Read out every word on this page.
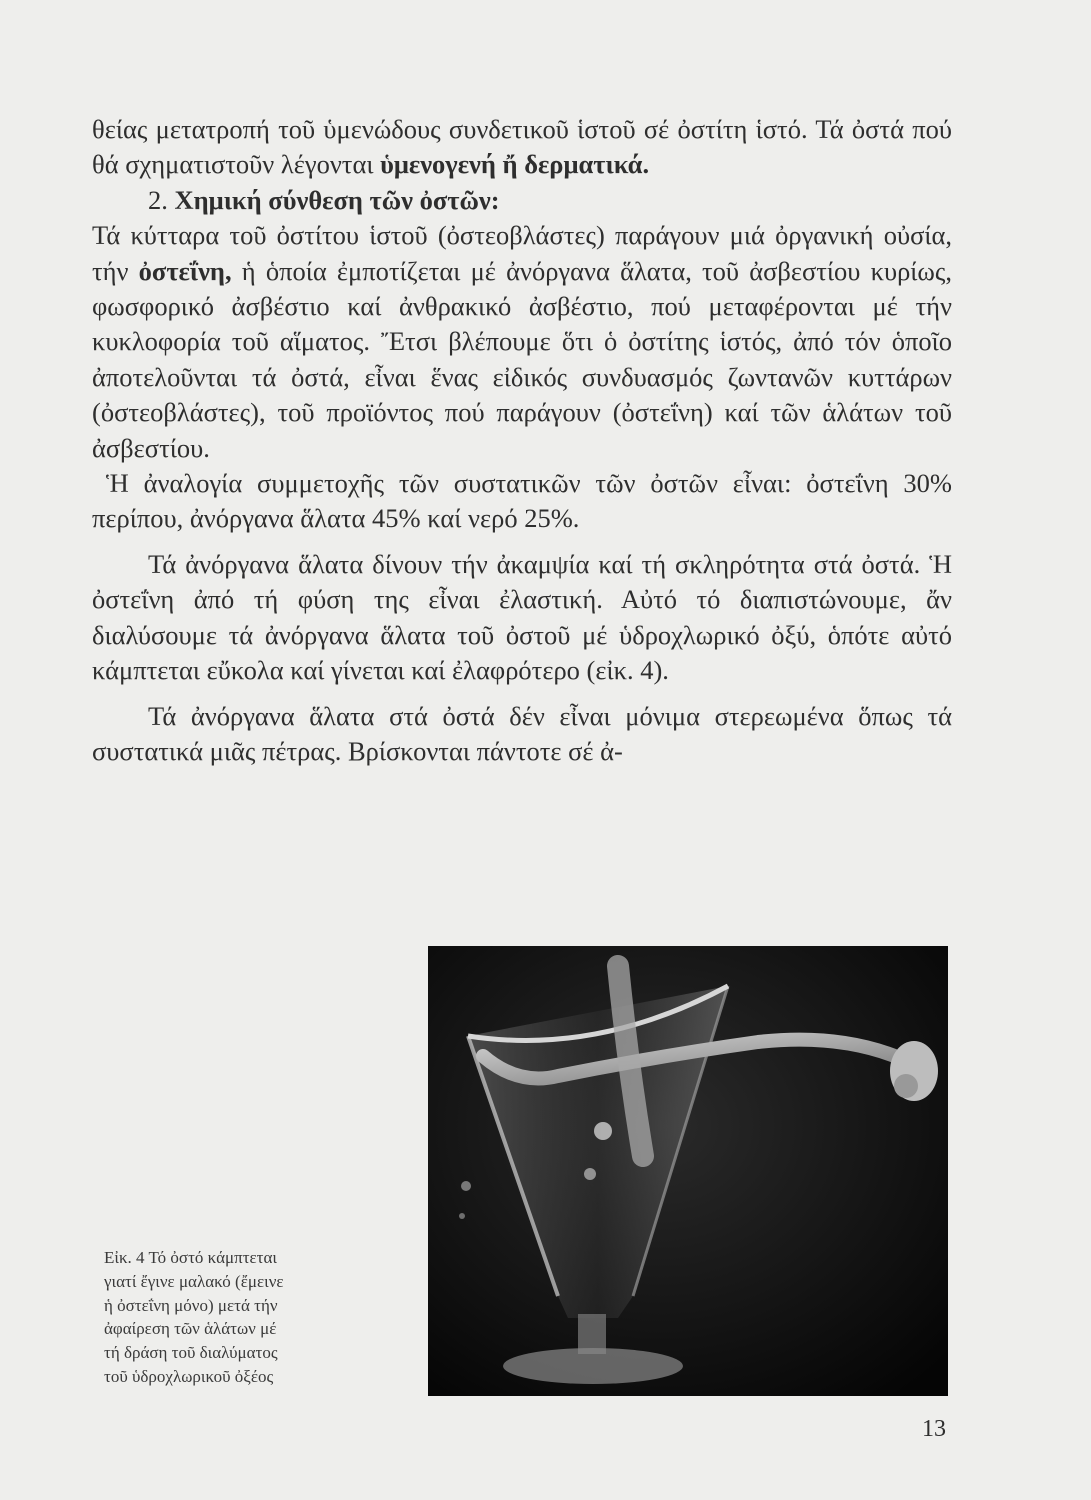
θείας μετατροπή τοῦ ὑμενώδους συνδετικοῦ ἱστοῦ σέ ὀστίτη ἱστό. Τά ὀστά πού θά σχηματιστοῦν λέγονται ὑμενογενή ἤ δερματικά.

2. Χημική σύνθεση τῶν ὀστῶν:

Τά κύτταρα τοῦ ὀστίτου ἱστοῦ (ὀστεοβλάστες) παράγουν μιά ὀργανική οὐσία, τήν ὀστεΐνη, ἡ ὁποία ἐμποτίζεται μέ ἀνόργανα ἅλατα, τοῦ ἀσβεστίου κυρίως, φωσφορικό ἀσβέστιο καί ἀνθρακικό ἀσβέστιο, πού μεταφέρονται μέ τήν κυκλοφορία τοῦ αἵματος. Ἔτσι βλέπουμε ὅτι ὁ ὀστίτης ἱστός, ἀπό τόν ὁποῖο ἀποτελοῦνται τά ὀστά, εἶναι ἕνας εἰδικός συνδυασμός ζωντανῶν κυττάρων (ὀστεοβλάστες), τοῦ προϊόντος πού παράγουν (ὀστεΐνη) καί τῶν ἁλάτων τοῦ ἀσβεστίου.

Ἡ ἀναλογία συμμετοχῆς τῶν συστατικῶν τῶν ὀστῶν εἶναι: ὀστεΐνη 30% περίπου, ἀνόργανα ἅλατα 45% καί νερό 25%.

Τά ἀνόργανα ἅλατα δίνουν τήν ἀκαμψία καί τή σκληρότητα στά ὀστά. Ἡ ὀστεΐνη ἀπό τή φύση της εἶναι ἐλαστική. Αὐτό τό διαπιστώνουμε, ἄν διαλύσουμε τά ἀνόργανα ἅλατα τοῦ ὀστοῦ μέ ὑδροχλωρικό ὀξύ, ὁπότε αὐτό κάμπτεται εὔκολα καί γίνεται καί ἐλαφρότερο (εἰκ. 4).

Τά ἀνόργανα ἅλατα στά ὀστά δέν εἶναι μόνιμα στερεωμένα ὅπως τά συστατικά μιᾶς πέτρας. Βρίσκονται πάντοτε σέ ἀ-

Εἰκ. 4 Τό ὀστό κάμπτεται
γιατί ἔγινε μαλακό (ἔμεινε
ἡ ὀστεΐνη μόνο) μετά τήν
ἀφαίρεση τῶν ἁλάτων μέ
τή δράση τοῦ διαλύματος
τοῦ ὑδροχλωρικοῦ ὀξέος
13
